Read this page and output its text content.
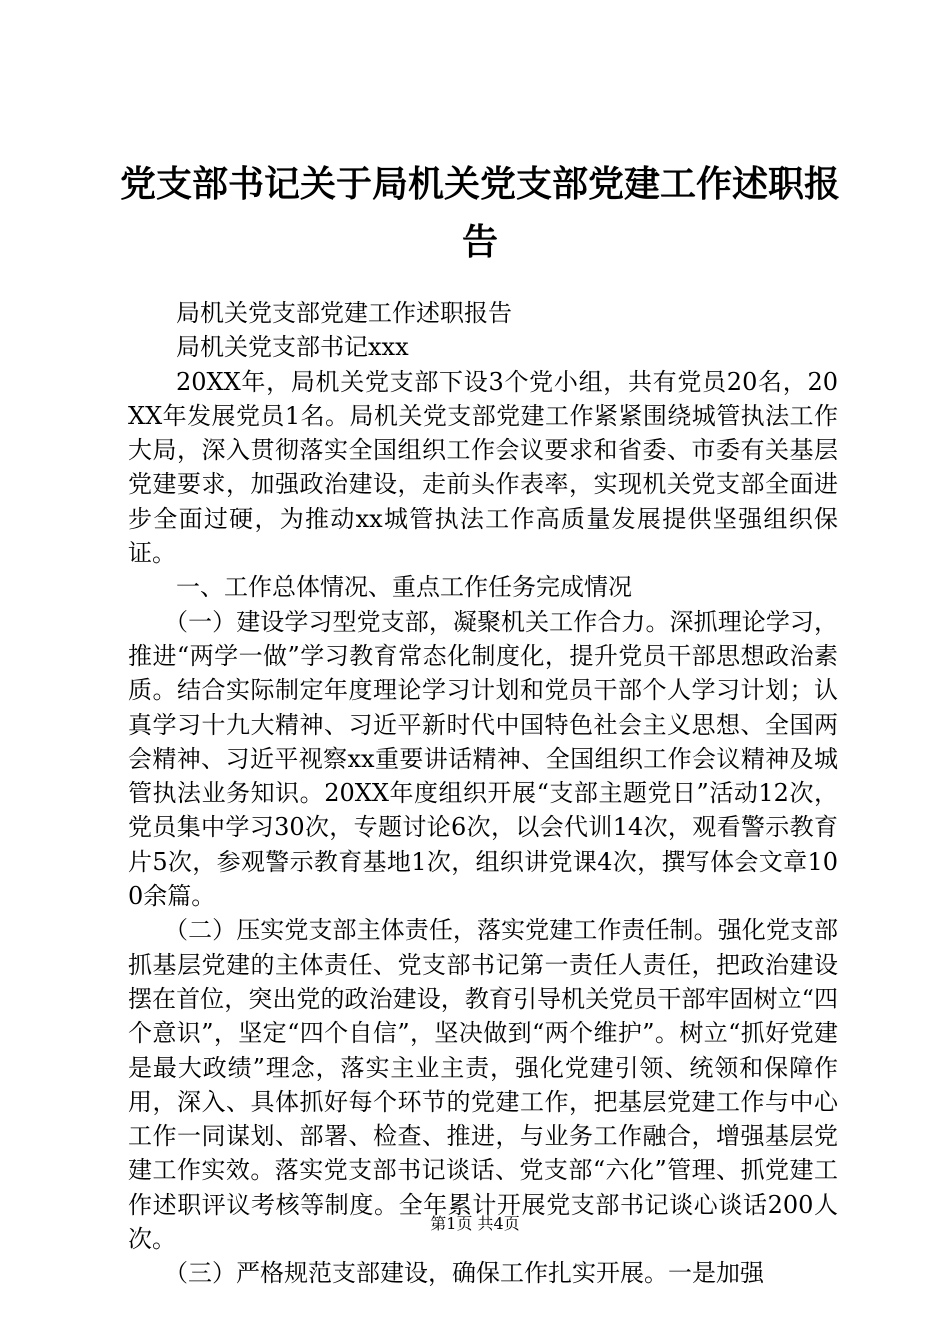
党支部书记关于局机关党支部党建工作述职报告

局机关党支部党建工作述职报告

局机关党支部书记xxx

20XX年，局机关党支部下设3个党小组，共有党员20名，20XX年发展党员1名。局机关党支部党建工作紧紧围绕城管执法工作大局，深入贯彻落实全国组织工作会议要求和省委、市委有关基层党建要求，加强政治建设，走前头作表率，实现机关党支部全面进步全面过硬，为推动xx城管执法工作高质量发展提供坚强组织保证。

一、工作总体情况、重点工作任务完成情况

（一）建设学习型党支部，凝聚机关工作合力。深抓理论学习，推进“两学一做”学习教育常态化制度化，提升党员干部思想政治素质。结合实际制定年度理论学习计划和党员干部个人学习计划；认真学习十九大精神、习近平新时代中国特色社会主义思想、全国两会精神、习近平视察xx重要讲话精神、全国组织工作会议精神及城管执法业务知识。20XX年度组织开展“支部主题党日”活动12次，党员集中学习30次，专题讨论6次，以会代训14次，观看警示教育片5次，参观警示教育基地1次，组织讲党课4次，撰写体会文章100余篇。

（二）压实党支部主体责任，落实党建工作责任制。强化党支部抓基层党建的主体责任、党支部书记第一责任人责任，把政治建设摆在首位，突出党的政治建设，教育引导机关党员干部牢固树立“四个意识”，坚定“四个自信”，坚决做到“两个维护”。树立“抓好党建是最大政绩”理念，落实主业主责，强化党建引领、统领和保障作用，深入、具体抓好每个环节的党建工作，把基层党建工作与中心工作一同谋划、部署、检查、推进，与业务工作融合，增强基层党建工作实效。落实党支部书记谈话、党支部“六化”管理、抓党建工作述职评议考核等制度。全年累计开展党支部书记谈心谈话200人次。

（三）严格规范支部建设，确保工作扎实开展。一是加强

第1页 共4页
